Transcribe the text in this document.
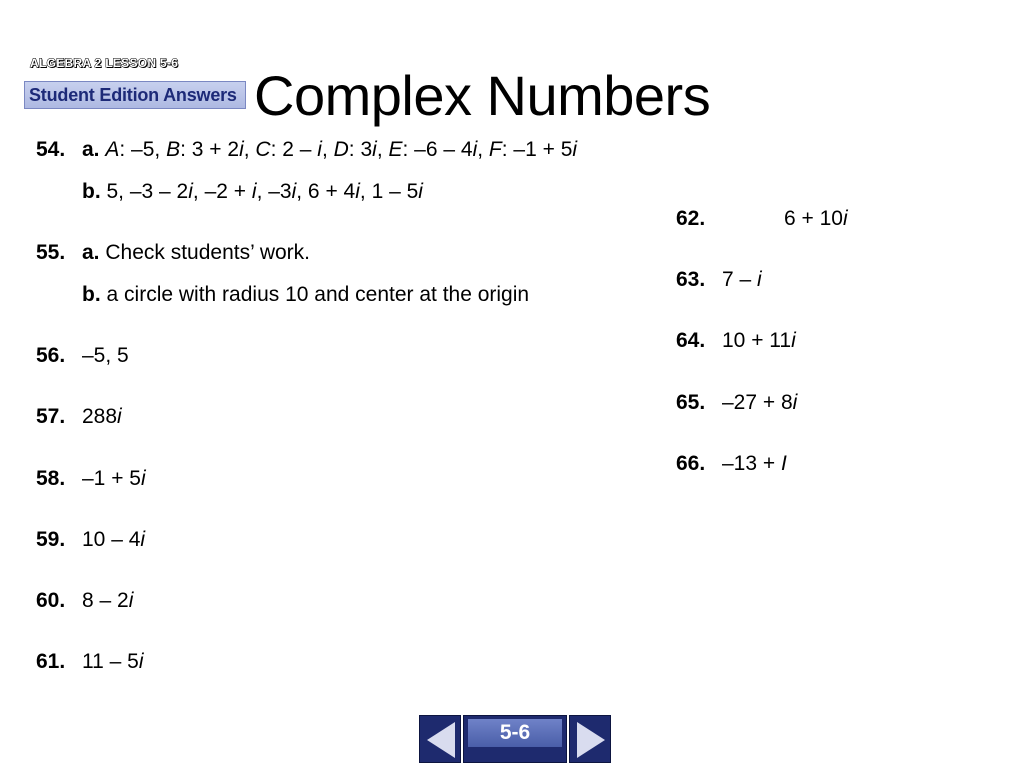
ALGEBRA 2 LESSON 5-6
Student Edition Answers Complex Numbers
54. a. A: –5, B: 3 + 2i, C: 2 – i, D: 3i, E: –6 – 4i, F: –1 + 5i
b. 5, –3 – 2i, –2 + i, –3i, 6 + 4i, 1 – 5i
55. a. Check students’ work.
b. a circle with radius 10 and center at the origin
56. –5, 5
57. 288i
58. –1 + 5i
59. 10 – 4i
60. 8 – 2i
61. 11 – 5i
62.	6 + 10i
63. 7 – i
64. 10 + 11i
65. –27 + 8i
66. –13 + I
5-6
